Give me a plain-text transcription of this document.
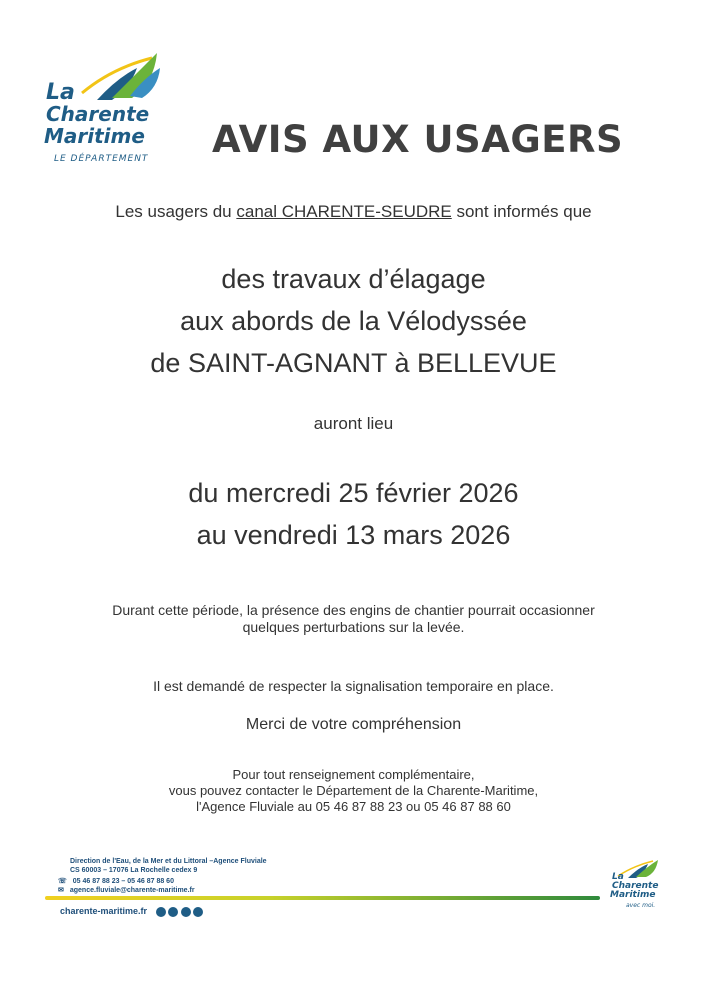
La
Charente
Maritime
LE DÉPARTEMENT AVIS AUX USAGERS
Les usagers du canal CHARENTE-SEUDRE sont informés que
des travaux d’élagage
aux abords de la Vélodyssée
de SAINT-AGNANT à BELLEVUE
auront lieu
du mercredi 25 février 2026
au vendredi 13 mars 2026
Durant cette période, la présence des engins de chantier pourrait occasionner
quelques perturbations sur la levée.
Il est demandé de respecter la signalisation temporaire en place.
Merci de votre compréhension
Pour tout renseignement complémentaire,
vous pouvez contacter le Département de la Charente-Maritime,
l'Agence Fluviale au 05 46 87 88 23 ou 05 46 87 88 60
Direction de l'Eau, de la Mer et du Littoral –Agence Fluviale
CS 60003 – 17076 La Rochelle cedex 9
☏ 05 46 87 88 23 – 05 46 87 88 60
✉ agence.fluviale@charente-maritime.fr
charente-maritime.fr
La
Charente
Maritime
avec moi.
